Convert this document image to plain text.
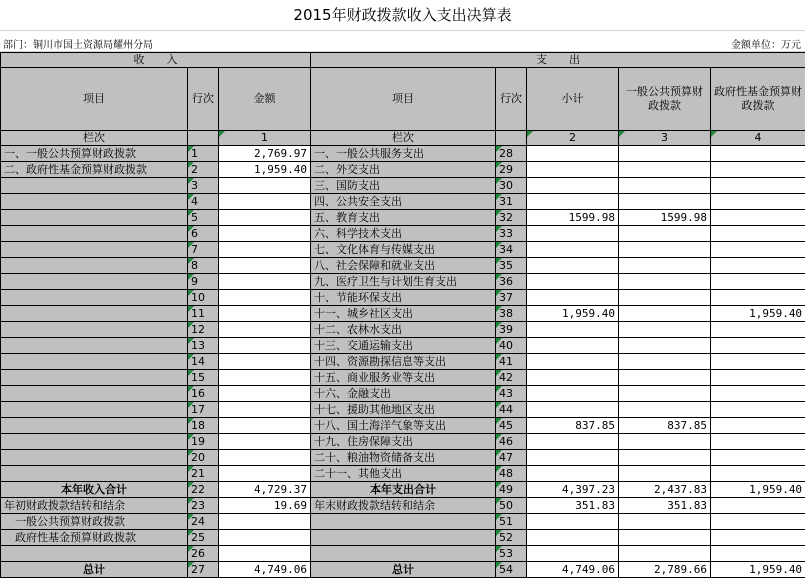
2015年财政拨款收入支出决算表
部门：铜川市国土资源局耀州分局	金额单位：万元
收　　入			支　　出				
项目	行次	金额	项目	行次	小计	一般公共预算财政拨款	政府性基金预算财政拨款
栏次		1	栏次		2	3	4
一、一般公共预算财政拨款	1	2,769.97	一、一般公共服务支出	28			
二、政府性基金预算财政拨款	2	1,959.40	二、外交支出	29			
	3		三、国防支出	30			
	4		四、公共安全支出	31			
	5		五、教育支出	32	1599.98	1599.98	
	6		六、科学技术支出	33			
	7		七、文化体育与传媒支出	34			
	8		八、社会保障和就业支出	35			
	9		九、医疗卫生与计划生育支出	36			
	10		十、节能环保支出	37			
	11		十一、城乡社区支出	38	1,959.40		1,959.40
	12		十二、农林水支出	39			
	13		十三、交通运输支出	40			
	14		十四、资源勘探信息等支出	41			
	15		十五、商业服务业等支出	42			
	16		十六、金融支出	43			
	17		十七、援助其他地区支出	44			
	18		十八、国土海洋气象等支出	45	837.85	837.85	
	19		十九、住房保障支出	46			
	20		二十、粮油物资储备支出	47			
	21		二十一、其他支出	48			
本年收入合计	22	4,729.37	本年支出合计	49	4,397.23	2,437.83	1,959.40
年初财政拨款结转和结余	23	19.69	年末财政拨款结转和结余	50	351.83	351.83	
　一般公共预算财政拨款	24			51			
　政府性基金预算财政拨款	25			52			
	26			53			
总计	27	4,749.06	总计	54	4,749.06	2,789.66	1,959.40
